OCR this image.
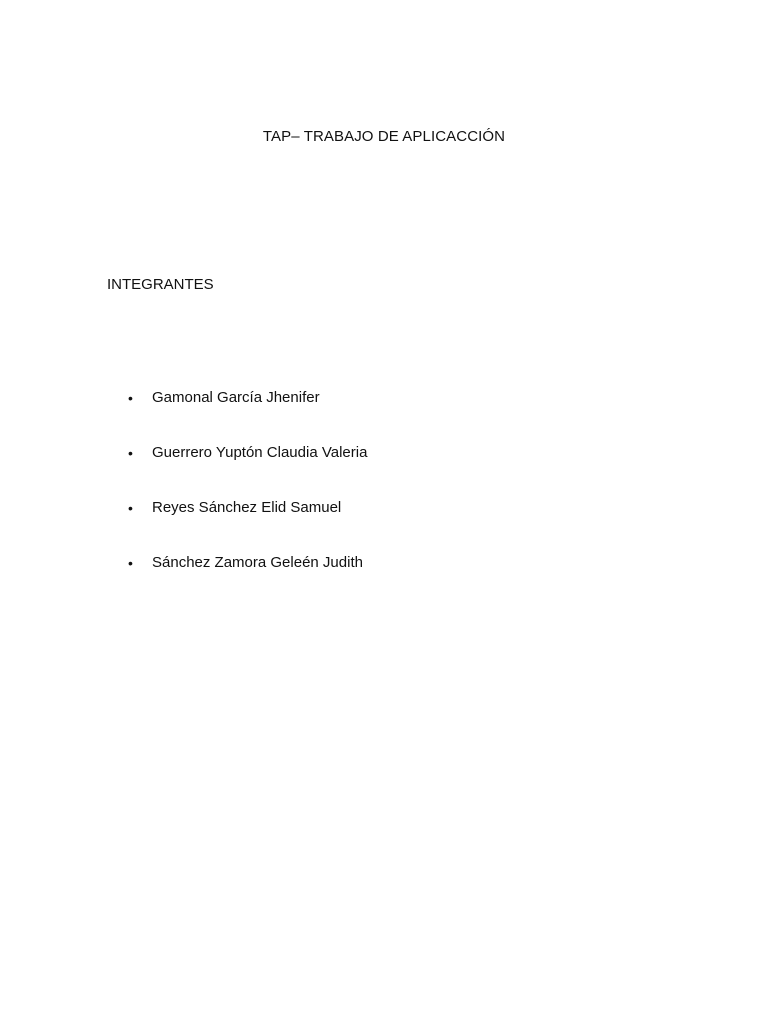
TAP– TRABAJO DE APLICACCIÓN
INTEGRANTES
•	Gamonal García Jhenifer
•	Guerrero Yuptón Claudia Valeria
•	Reyes Sánchez Elid Samuel
•	Sánchez Zamora Geleén Judith
